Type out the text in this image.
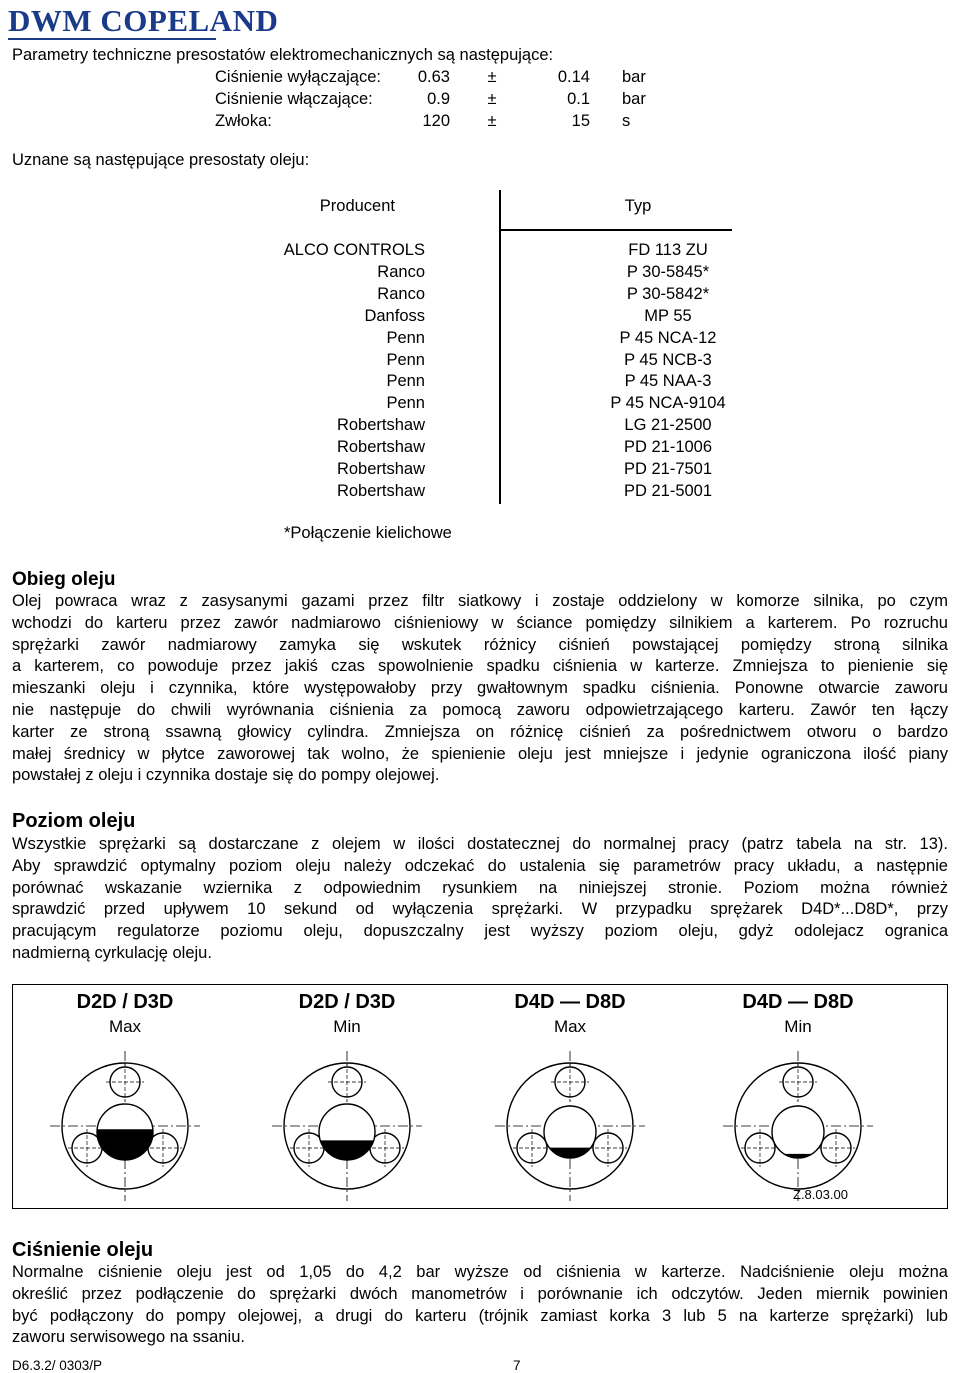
DWM COPELAND
Parametry techniczne presostatów elektromechanicznych są następujące:
Ciśnienie wyłączające:	0.63	±	0.14 bar
Ciśnienie włączające:	0.9	±	0.1 bar
Zwłoka:	120	±	15 s
Uznane są następujące presostaty oleju:
Producent	Typ
ALCO CONTROLS	FD 113 ZU
Ranco	P 30-5845*
Ranco	P 30-5842*
Danfoss	MP 55
Penn	P 45 NCA-12
Penn	P 45 NCB-3
Penn	P 45 NAA-3
Penn	P 45 NCA-9104
Robertshaw	LG 21-2500
Robertshaw	PD 21-1006
Robertshaw	PD 21-7501
Robertshaw	PD 21-5001
*Połączenie kielichowe
Obieg oleju
Olej powraca wraz z zasysanymi gazami przez filtr siatkowy i zostaje oddzielony w komorze silnika, po czym
wchodzi do karteru przez zawór nadmiarowo ciśnieniowy w ściance pomiędzy silnikiem a karterem. Po rozruchu
sprężarki zawór nadmiarowy zamyka się wskutek różnicy ciśnień powstającej pomiędzy stroną silnika
a karterem, co powoduje przez jakiś czas spowolnienie spadku ciśnienia w karterze. Zmniejsza to pienienie się
mieszanki oleju i czynnika, które występowałoby przy gwałtownym spadku ciśnienia. Ponowne otwarcie zaworu
nie następuje do chwili wyrównania ciśnienia za pomocą zaworu odpowietrzającego karteru. Zawór ten łączy
karter ze stroną ssawną głowicy cylindra. Zmniejsza on różnicę ciśnień za pośrednictwem otworu o bardzo
małej średnicy w płytce zaworowej tak wolno, że spienienie oleju jest mniejsze i jedynie ograniczona ilość piany
powstałej z oleju i czynnika dostaje się do pompy olejowej.
Poziom oleju
Wszystkie sprężarki są dostarczane z olejem w ilości dostatecznej do normalnej pracy (patrz tabela na str. 13).
Aby sprawdzić optymalny poziom oleju należy odczekać do ustalenia się parametrów pracy układu, a następnie
porównać wskazanie wziernika z odpowiednim rysunkiem na niniejszej stronie. Poziom można również
sprawdzić przed upływem 10 sekund od wyłączenia sprężarki. W przypadku sprężarek D4D*...D8D*, przy
pracującym regulatorze poziomu oleju, dopuszczalny jest wyższy poziom oleju, gdyż odolejacz ogranica
nadmierną cyrkulację oleju.
D2D / D3D
Max
D2D / D3D
Min
D4D — D8D
Max
D4D — D8D
Min
Z.8.03.00
Ciśnienie oleju
Normalne ciśnienie oleju jest od 1,05 do 4,2 bar wyższe od ciśnienia w karterze. Nadciśnienie oleju można
określić przez podłączenie do sprężarki dwóch manometrów i porównanie ich odczytów. Jeden miernik powinien
być podłączony do pompy olejowej, a drugi do karteru (trójnik zamiast korka 3 lub 5 na karterze sprężarki) lub
zaworu serwisowego na ssaniu.
D6.3.2/ 0303/P	7
